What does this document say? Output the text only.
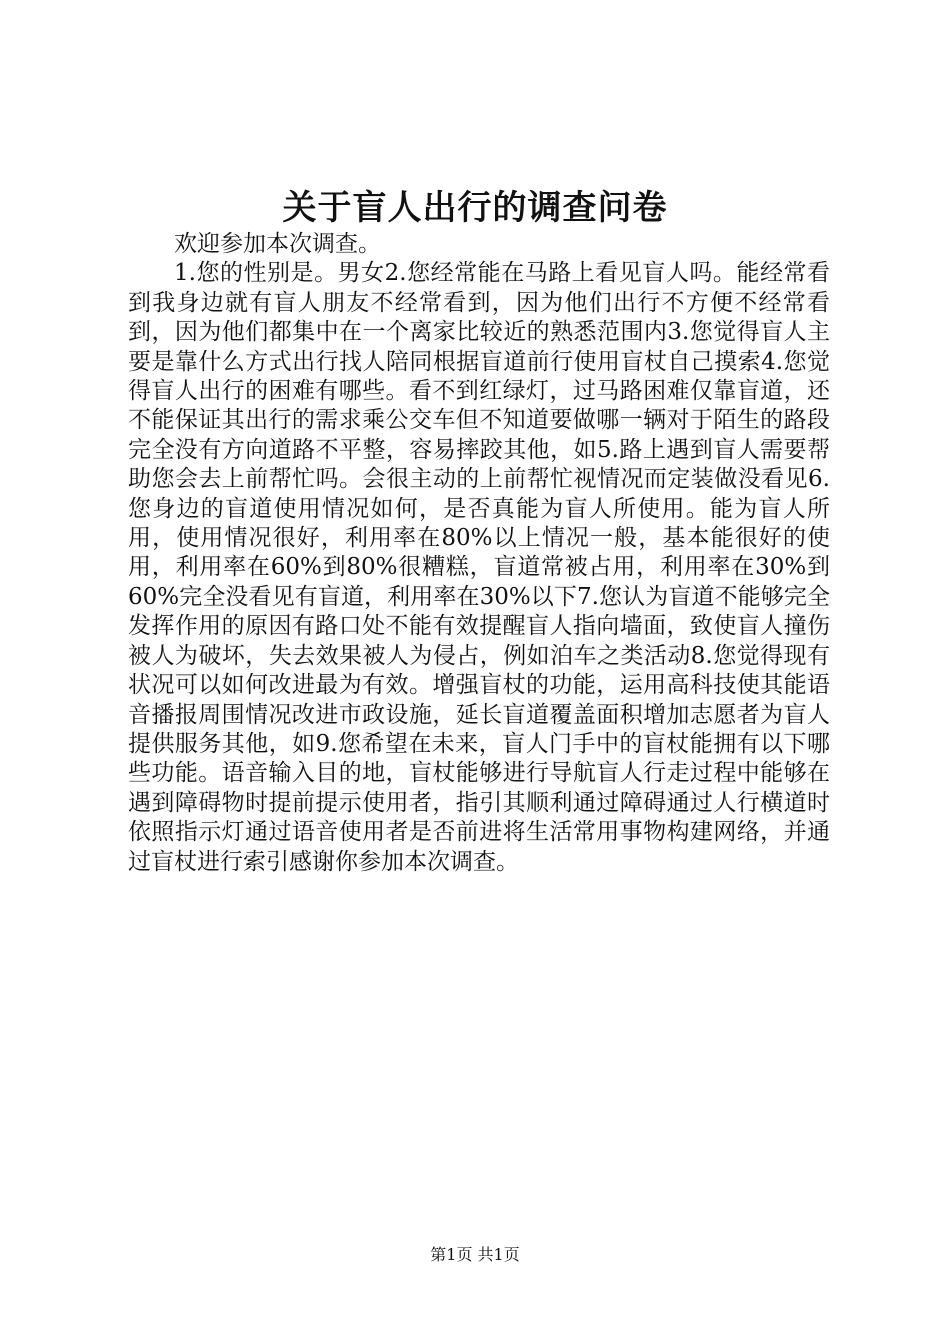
关于盲人出行的调查问卷

欢迎参加本次调查。

1.您的性别是。男女2.您经常能在马路上看见盲人吗。能经常看到我身边就有盲人朋友不经常看到，因为他们出行不方便不经常看到，因为他们都集中在一个离家比较近的熟悉范围内3.您觉得盲人主要是靠什么方式出行找人陪同根据盲道前行使用盲杖自己摸索4.您觉得盲人出行的困难有哪些。看不到红绿灯，过马路困难仅靠盲道，还不能保证其出行的需求乘公交车但不知道要做哪一辆对于陌生的路段完全没有方向道路不平整，容易摔跤其他，如5.路上遇到盲人需要帮助您会去上前帮忙吗。会很主动的上前帮忙视情况而定装做没看见6.您身边的盲道使用情况如何，是否真能为盲人所使用。能为盲人所用，使用情况很好，利用率在80%以上情况一般，基本能很好的使用，利用率在60%到80%很糟糕，盲道常被占用，利用率在30%到60%完全没看见有盲道，利用率在30%以下7.您认为盲道不能够完全发挥作用的原因有路口处不能有效提醒盲人指向墙面，致使盲人撞伤被人为破坏，失去效果被人为侵占，例如泊车之类活动8.您觉得现有状况可以如何改进最为有效。增强盲杖的功能，运用高科技使其能语音播报周围情况改进市政设施，延长盲道覆盖面积增加志愿者为盲人提供服务其他，如9.您希望在未来，盲人门手中的盲杖能拥有以下哪些功能。语音输入目的地，盲杖能够进行导航盲人行走过程中能够在遇到障碍物时提前提示使用者，指引其顺利通过障碍通过人行横道时依照指示灯通过语音使用者是否前进将生活常用事物构建网络，并通过盲杖进行索引感谢你参加本次调查。

第1页 共1页
